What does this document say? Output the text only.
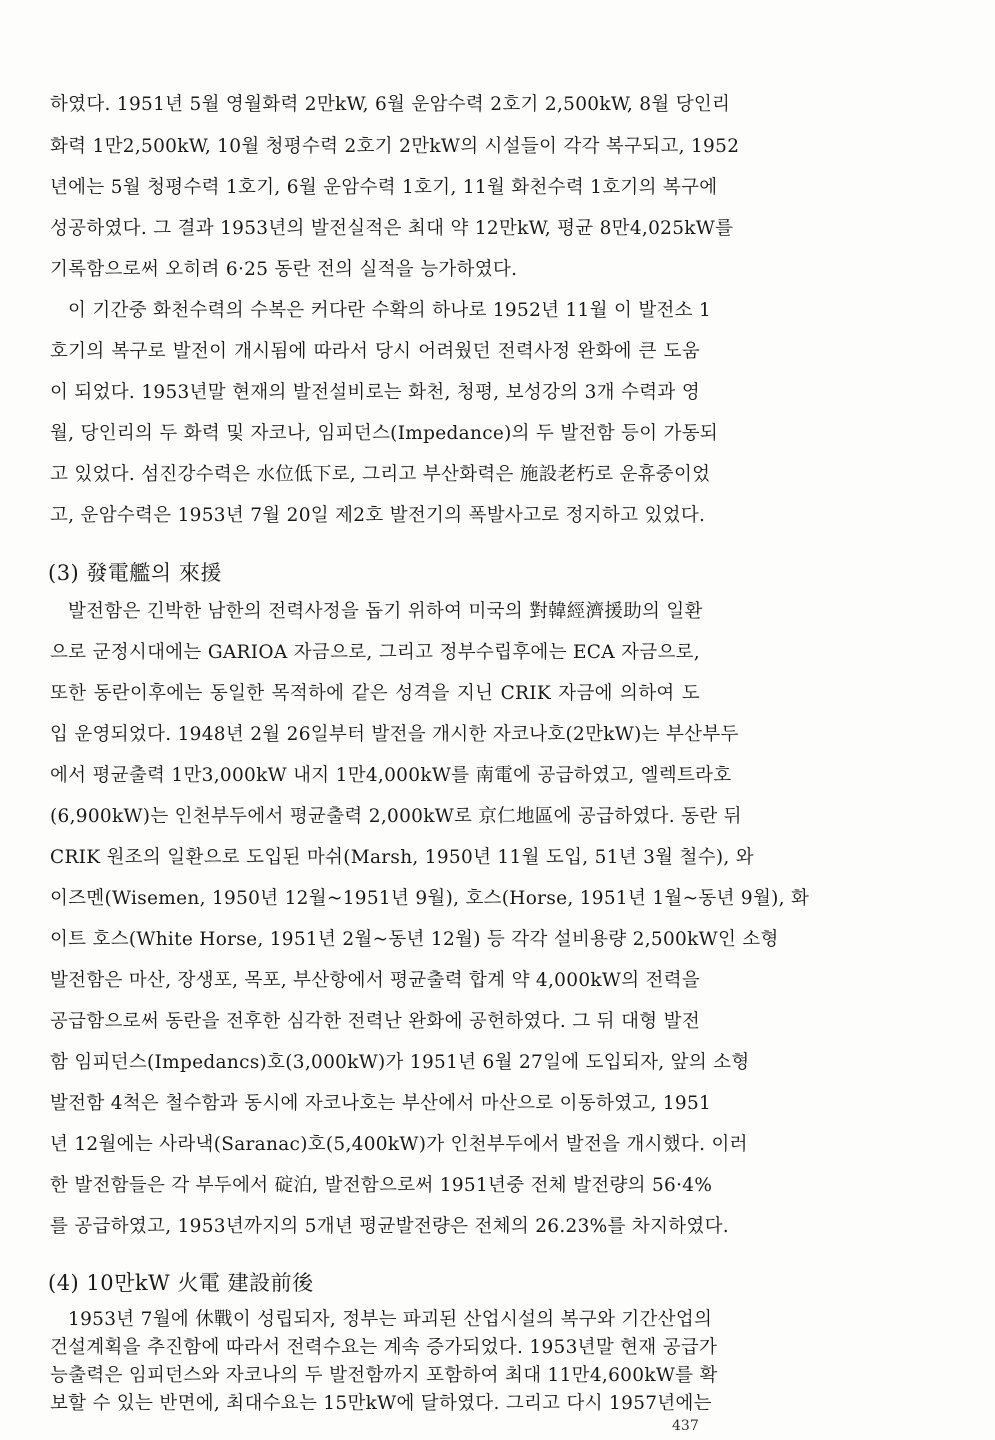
하였다. 1951년 5월 영월화력 2만kW, 6월 운암수력 2호기 2,500kW, 8월 당인리
화력 1만2,500kW, 10월 청평수력 2호기 2만kW의 시설들이 각각 복구되고, 1952
년에는 5월 청평수력 1호기, 6월 운암수력 1호기, 11월 화천수력 1호기의 복구에
성공하였다. 그 결과 1953년의 발전실적은 최대 약 12만kW, 평균 8만4,025kW를
기록함으로써 오히려 6·25 동란 전의 실적을 능가하였다.
이 기간중 화천수력의 수복은 커다란 수확의 하나로 1952년 11월 이 발전소 1
호기의 복구로 발전이 개시됨에 따라서 당시 어려웠던 전력사정 완화에 큰 도움
이 되었다. 1953년말 현재의 발전설비로는 화천, 청평, 보성강의 3개 수력과 영
월, 당인리의 두 화력 및 자코나, 임피던스(Impedance)의 두 발전함 등이 가동되
고 있었다. 섬진강수력은 水位低下로, 그리고 부산화력은 施設老朽로 운휴중이었
고, 운암수력은 1953년 7월 20일 제2호 발전기의 폭발사고로 정지하고 있었다.
(3) 發電艦의 來援
발전함은 긴박한 남한의 전력사정을 돕기 위하여 미국의 對韓經濟援助의 일환
으로 군정시대에는 GARIOA 자금으로, 그리고 정부수립후에는 ECA 자금으로,
또한 동란이후에는 동일한 목적하에 같은 성격을 지닌 CRIK 자금에 의하여 도
입 운영되었다. 1948년 2월 26일부터 발전을 개시한 자코나호(2만kW)는 부산부두
에서 평균출력 1만3,000kW 내지 1만4,000kW를 南電에 공급하였고, 엘렉트라호
(6,900kW)는 인천부두에서 평균출력 2,000kW로 京仁地區에 공급하였다. 동란 뒤
CRIK 원조의 일환으로 도입된 마쉬(Marsh, 1950년 11월 도입, 51년 3월 철수), 와
이즈멘(Wisemen, 1950년 12월~1951년 9월), 호스(Horse, 1951년 1월~동년 9월), 화
이트 호스(White Horse, 1951년 2월~동년 12월) 등 각각 설비용량 2,500kW인 소형
발전함은 마산, 장생포, 목포, 부산항에서 평균출력 합계 약 4,000kW의 전력을
공급함으로써 동란을 전후한 심각한 전력난 완화에 공헌하였다. 그 뒤 대형 발전
함 임피던스(Impedancs)호(3,000kW)가 1951년 6월 27일에 도입되자, 앞의 소형
발전함 4척은 철수함과 동시에 자코나호는 부산에서 마산으로 이동하였고, 1951
년 12월에는 사라낵(Saranac)호(5,400kW)가 인천부두에서 발전을 개시했다. 이러
한 발전함들은 각 부두에서 碇泊, 발전함으로써 1951년중 전체 발전량의 56·4%
를 공급하였고, 1953년까지의 5개년 평균발전량은 전체의 26.23%를 차지하였다.
(4) 10만kW 火電 建設前後
1953년 7월에 休戰이 성립되자, 정부는 파괴된 산업시설의 복구와 기간산업의
건설계획을 추진함에 따라서 전력수요는 계속 증가되었다. 1953년말 현재 공급가
능출력은 임피던스와 자코나의 두 발전함까지 포함하여 최대 11만4,600kW를 확
보할 수 있는 반면에, 최대수요는 15만kW에 달하였다. 그리고 다시 1957년에는
437
